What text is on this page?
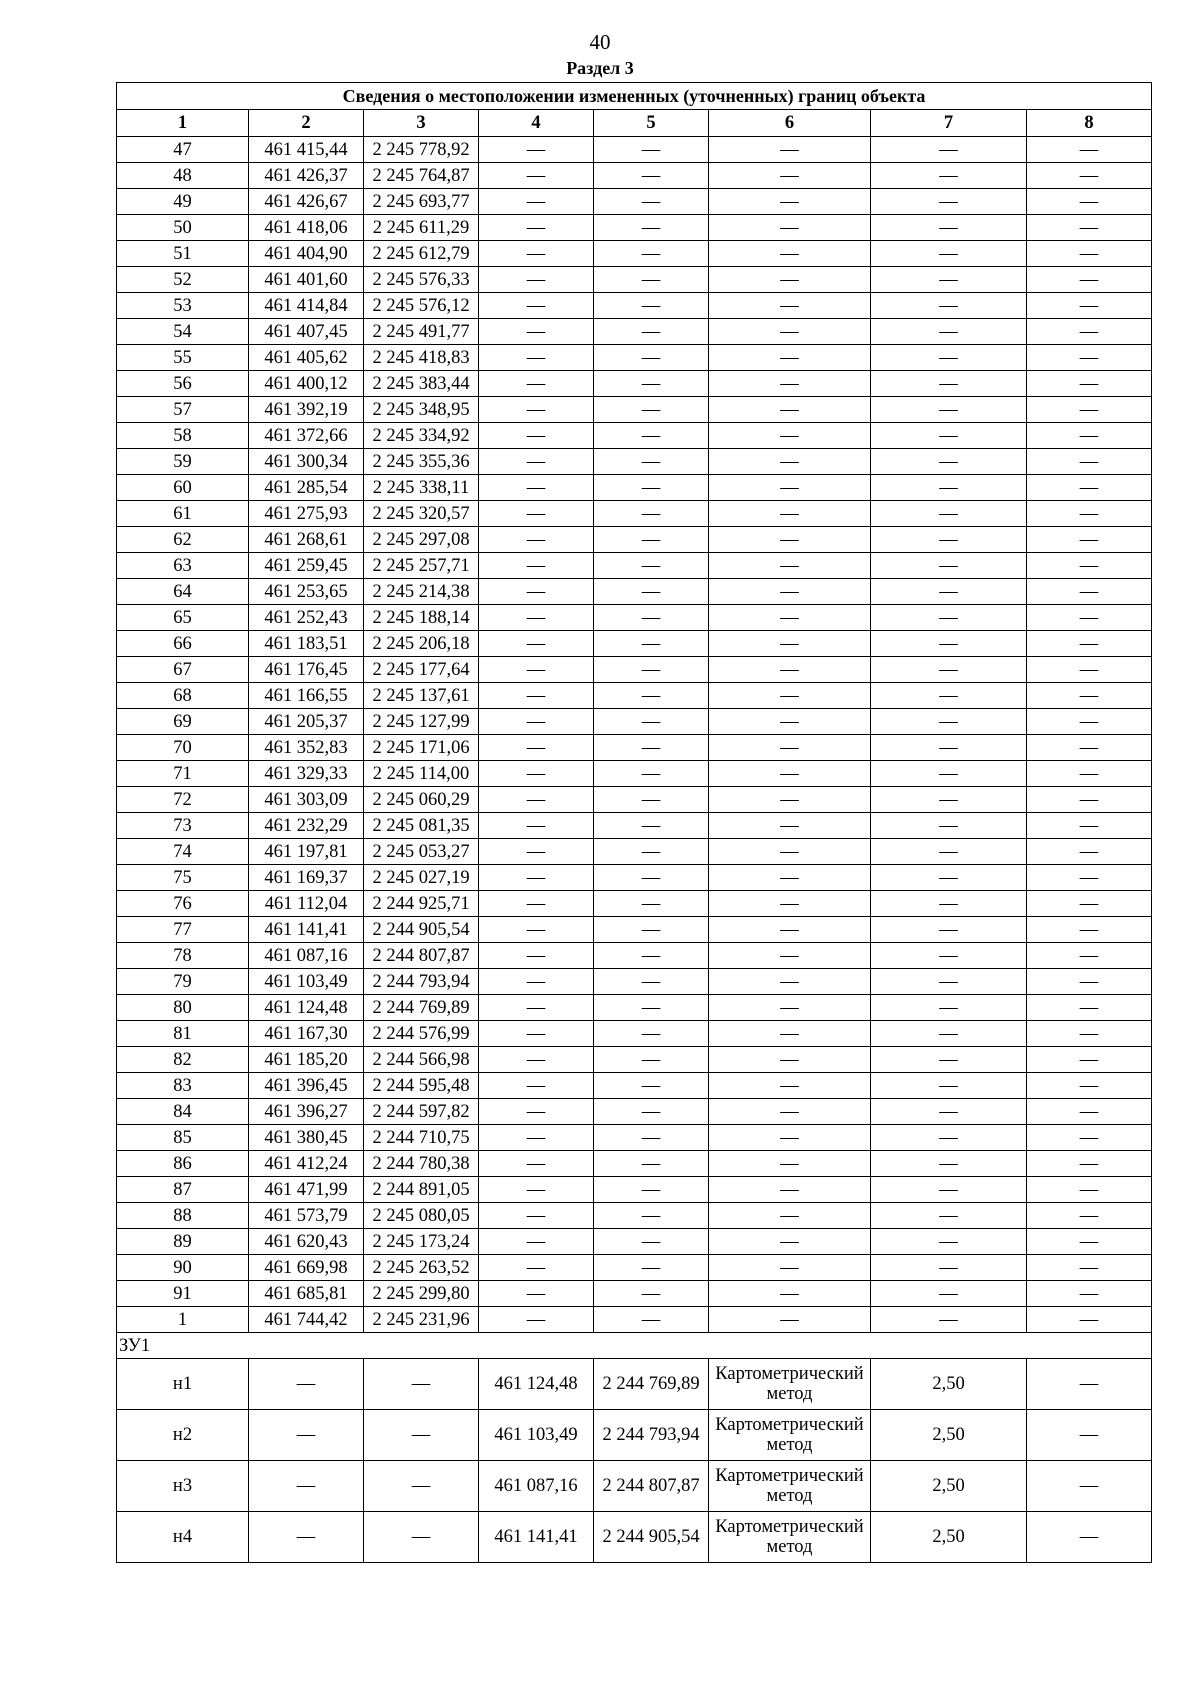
40
Раздел 3
Сведения о местоположении измененных (уточненных) границ объекта							
1	2	3	4	5	6	7	8
47	461 415,44	2 245 778,92	—	—	—	—	—
48	461 426,37	2 245 764,87	—	—	—	—	—
49	461 426,67	2 245 693,77	—	—	—	—	—
50	461 418,06	2 245 611,29	—	—	—	—	—
51	461 404,90	2 245 612,79	—	—	—	—	—
52	461 401,60	2 245 576,33	—	—	—	—	—
53	461 414,84	2 245 576,12	—	—	—	—	—
54	461 407,45	2 245 491,77	—	—	—	—	—
55	461 405,62	2 245 418,83	—	—	—	—	—
56	461 400,12	2 245 383,44	—	—	—	—	—
57	461 392,19	2 245 348,95	—	—	—	—	—
58	461 372,66	2 245 334,92	—	—	—	—	—
59	461 300,34	2 245 355,36	—	—	—	—	—
60	461 285,54	2 245 338,11	—	—	—	—	—
61	461 275,93	2 245 320,57	—	—	—	—	—
62	461 268,61	2 245 297,08	—	—	—	—	—
63	461 259,45	2 245 257,71	—	—	—	—	—
64	461 253,65	2 245 214,38	—	—	—	—	—
65	461 252,43	2 245 188,14	—	—	—	—	—
66	461 183,51	2 245 206,18	—	—	—	—	—
67	461 176,45	2 245 177,64	—	—	—	—	—
68	461 166,55	2 245 137,61	—	—	—	—	—
69	461 205,37	2 245 127,99	—	—	—	—	—
70	461 352,83	2 245 171,06	—	—	—	—	—
71	461 329,33	2 245 114,00	—	—	—	—	—
72	461 303,09	2 245 060,29	—	—	—	—	—
73	461 232,29	2 245 081,35	—	—	—	—	—
74	461 197,81	2 245 053,27	—	—	—	—	—
75	461 169,37	2 245 027,19	—	—	—	—	—
76	461 112,04	2 244 925,71	—	—	—	—	—
77	461 141,41	2 244 905,54	—	—	—	—	—
78	461 087,16	2 244 807,87	—	—	—	—	—
79	461 103,49	2 244 793,94	—	—	—	—	—
80	461 124,48	2 244 769,89	—	—	—	—	—
81	461 167,30	2 244 576,99	—	—	—	—	—
82	461 185,20	2 244 566,98	—	—	—	—	—
83	461 396,45	2 244 595,48	—	—	—	—	—
84	461 396,27	2 244 597,82	—	—	—	—	—
85	461 380,45	2 244 710,75	—	—	—	—	—
86	461 412,24	2 244 780,38	—	—	—	—	—
87	461 471,99	2 244 891,05	—	—	—	—	—
88	461 573,79	2 245 080,05	—	—	—	—	—
89	461 620,43	2 245 173,24	—	—	—	—	—
90	461 669,98	2 245 263,52	—	—	—	—	—
91	461 685,81	2 245 299,80	—	—	—	—	—
1	461 744,42	2 245 231,96	—	—	—	—	—
ЗУ1							
н1	—	—	461 124,48	2 244 769,89	Картометрический метод	2,50	—
н2	—	—	461 103,49	2 244 793,94	Картометрический метод	2,50	—
н3	—	—	461 087,16	2 244 807,87	Картометрический метод	2,50	—
н4	—	—	461 141,41	2 244 905,54	Картометрический метод	2,50	—
